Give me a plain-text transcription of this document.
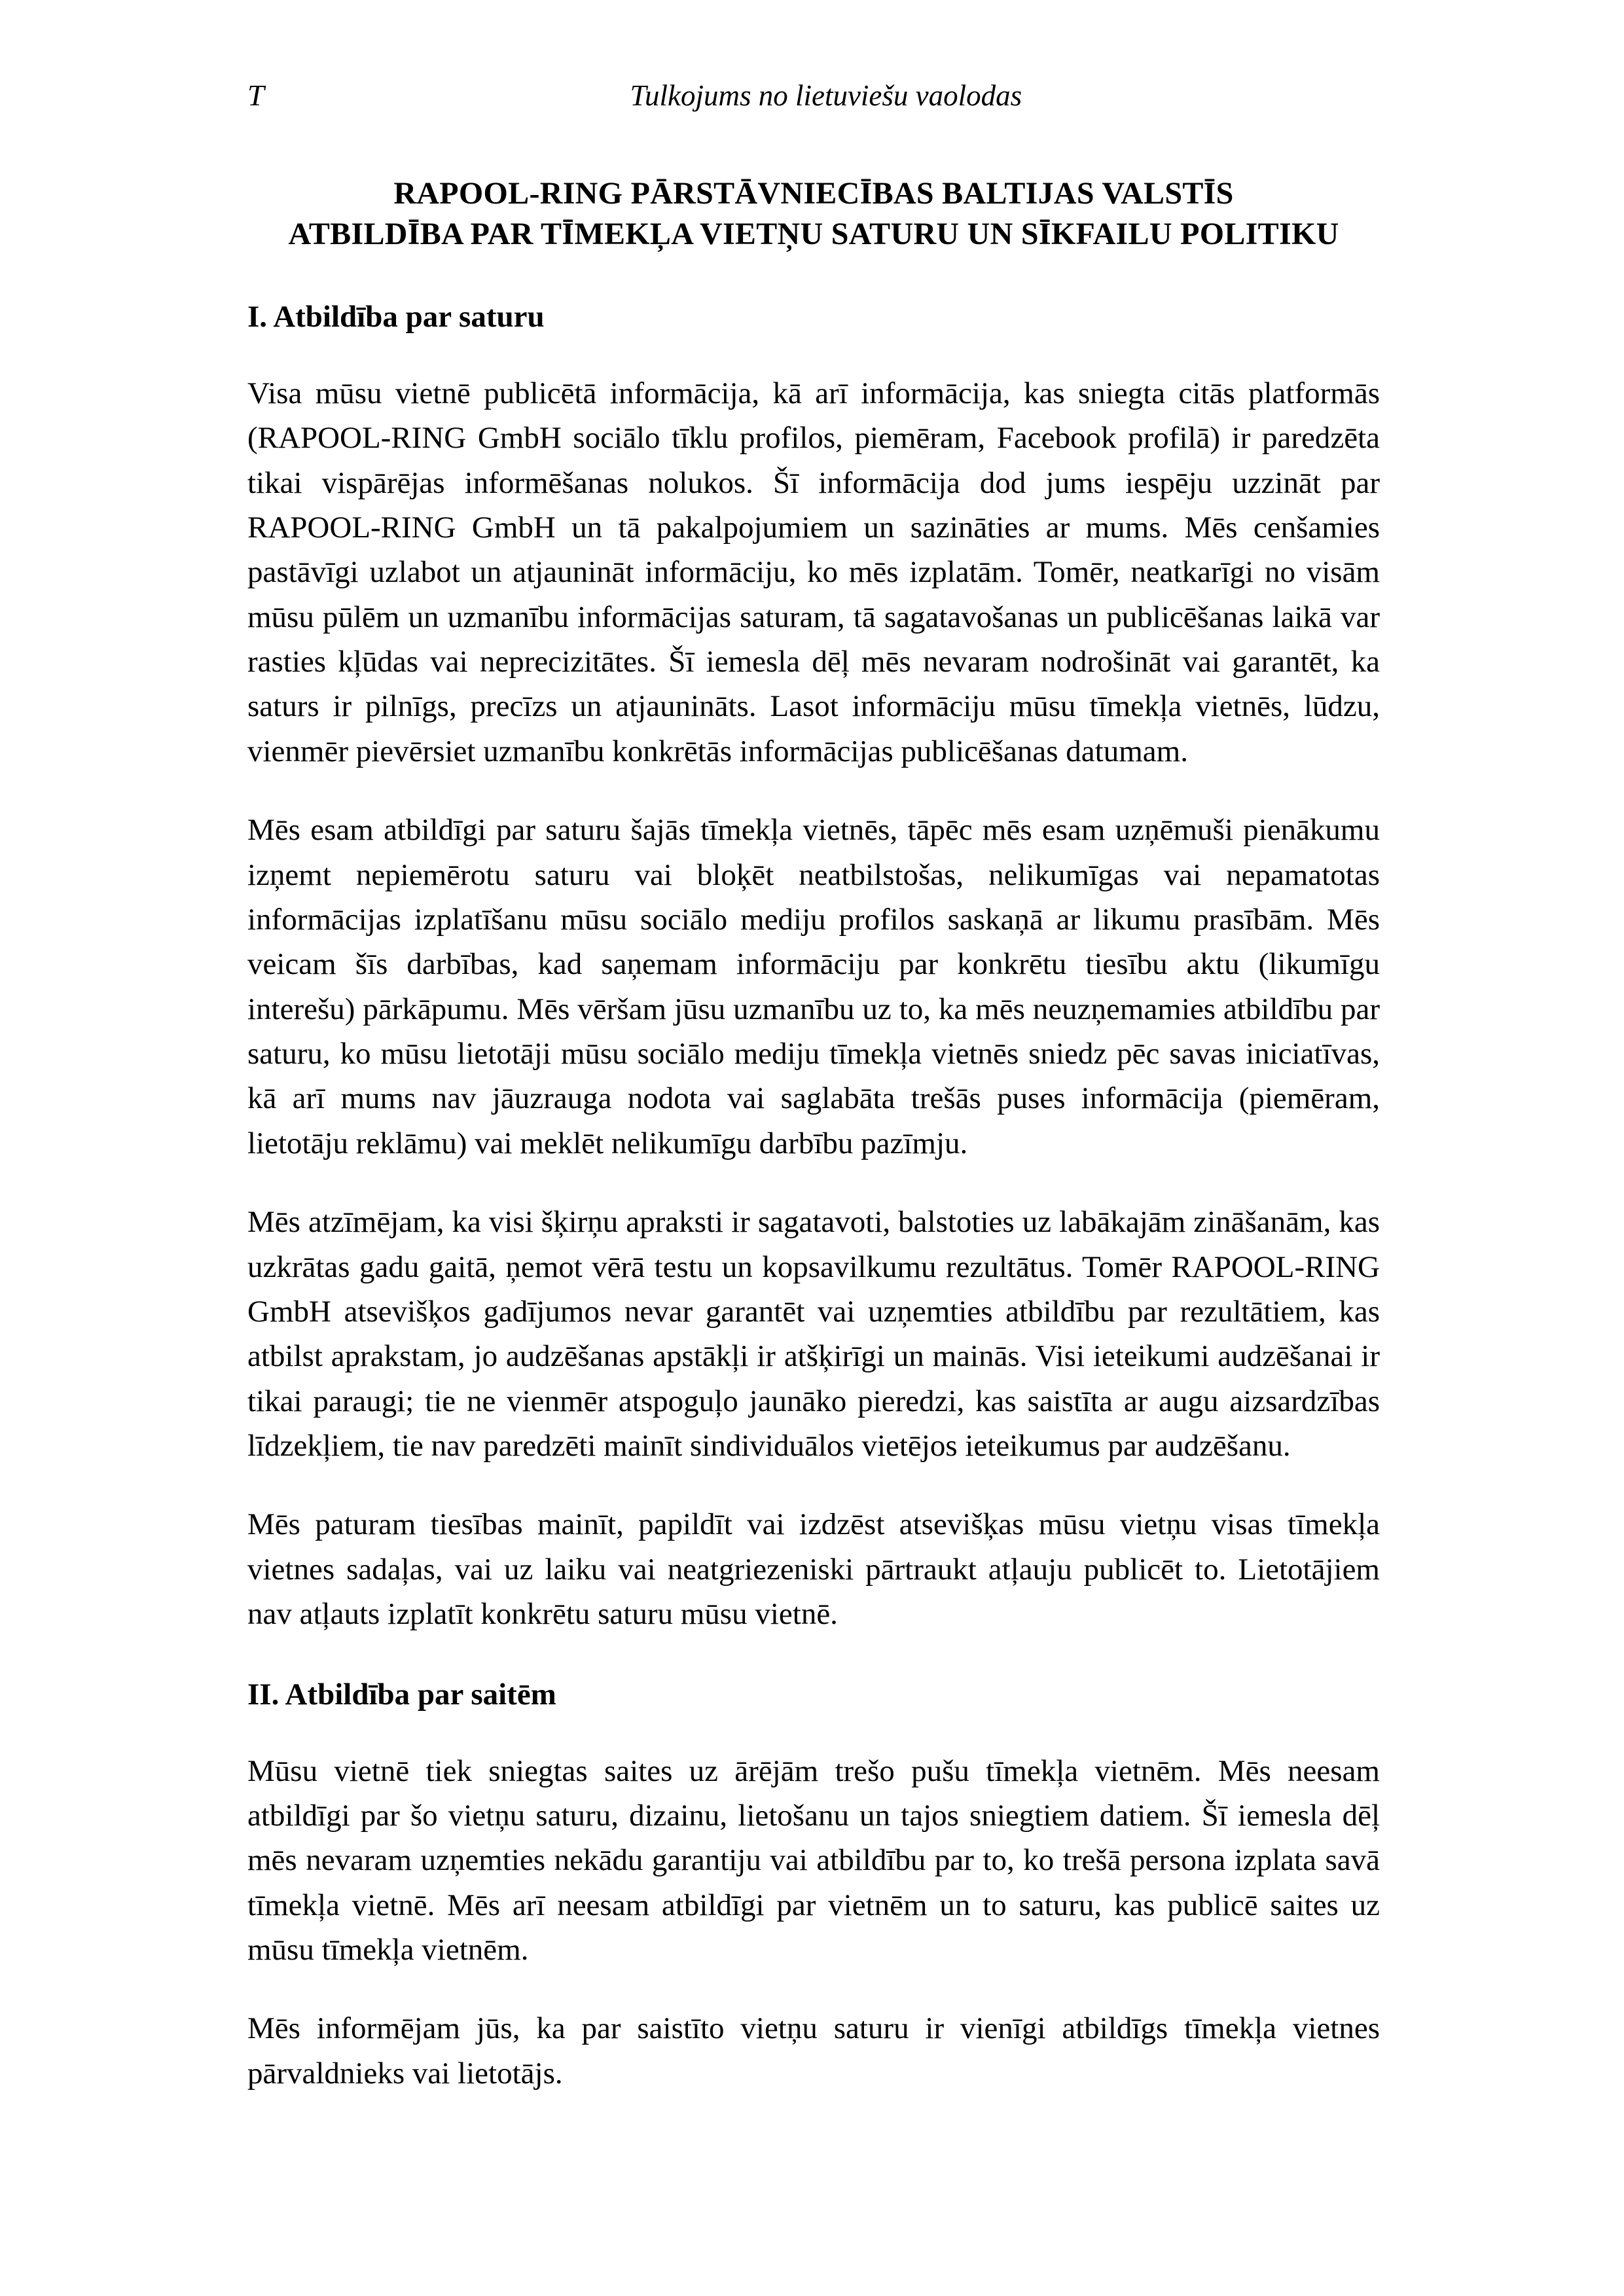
T	Tulkojums no lietuviešu vaolodas
RAPOOL-RING PĀRSTĀVNIECĪBAS BALTIJAS VALSTĪS
ATBILDĪBA PAR TĪMEKĻA VIETŅU SATURU UN SĪKFAILU POLITIKU
I. Atbildība par saturu

Visa mūsu vietnē publicētā informācija, kā arī informācija, kas sniegta citās platformās (RAPOOL-RING GmbH sociālo tīklu profilos, piemēram, Facebook profilā) ir paredzēta tikai vispārējas informēšanas nolukos. Šī informācija dod jums iespēju uzzināt par RAPOOL-RING GmbH un tā pakalpojumiem un sazināties ar mums. Mēs cenšamies pastāvīgi uzlabot un atjaunināt informāciju, ko mēs izplatām. Tomēr, neatkarīgi no visām mūsu pūlēm un uzmanību informācijas saturam, tā sagatavošanas un publicēšanas laikā var rasties kļūdas vai neprecizitātes. Šī iemesla dēļ mēs nevaram nodrošināt vai garantēt, ka saturs ir pilnīgs, precīzs un atjaunināts. Lasot informāciju mūsu tīmekļa vietnēs, lūdzu, vienmēr pievērsiet uzmanību konkrētās informācijas publicēšanas datumam.

Mēs esam atbildīgi par saturu šajās tīmekļa vietnēs, tāpēc mēs esam uzņēmuši pienākumu izņemt nepiemērotu saturu vai bloķēt neatbilstošas, nelikumīgas vai nepamatotas informācijas izplatīšanu mūsu sociālo mediju profilos saskaņā ar likumu prasībām. Mēs veicam šīs darbības, kad saņemam informāciju par konkrētu tiesību aktu (likumīgu interešu) pārkāpumu. Mēs vēršam jūsu uzmanību uz to, ka mēs neuzņemamies atbildību par saturu, ko mūsu lietotāji mūsu sociālo mediju tīmekļa vietnēs sniedz pēc savas iniciatīvas, kā arī mums nav jāuzrauga nodota vai saglabāta trešās puses informācija (piemēram, lietotāju reklāmu) vai meklēt nelikumīgu darbību pazīmju.

Mēs atzīmējam, ka visi šķirņu apraksti ir sagatavoti, balstoties uz labākajām zināšanām, kas uzkrātas gadu gaitā, ņemot vērā testu un kopsavilkumu rezultātus. Tomēr RAPOOL-RING GmbH atsevišķos gadījumos nevar garantēt vai uzņemties atbildību par rezultātiem, kas atbilst aprakstam, jo audzēšanas apstākļi ir atšķirīgi un mainās. Visi ieteikumi audzēšanai ir tikai paraugi; tie ne vienmēr atspoguļo jaunāko pieredzi, kas saistīta ar augu aizsardzības līdzekļiem, tie nav paredzēti mainīt sindividuālos vietējos ieteikumus par audzēšanu.

Mēs paturam tiesības mainīt, papildīt vai izdzēst atsevišķas mūsu vietņu visas tīmekļa vietnes sadaļas, vai uz laiku vai neatgriezeniski pārtraukt atļauju publicēt to. Lietotājiem nav atļauts izplatīt konkrētu saturu mūsu vietnē.

II. Atbildība par saitēm

Mūsu vietnē tiek sniegtas saites uz ārējām trešo pušu tīmekļa vietnēm. Mēs neesam atbildīgi par šo vietņu saturu, dizainu, lietošanu un tajos sniegtiem datiem. Šī iemesla dēļ mēs nevaram uzņemties nekādu garantiju vai atbildību par to, ko trešā persona izplata savā tīmekļa vietnē. Mēs arī neesam atbildīgi par vietnēm un to saturu, kas publicē saites uz mūsu tīmekļa vietnēm.

Mēs informējam jūs, ka par saistīto vietņu saturu ir vienīgi atbildīgs tīmekļa vietnes pārvaldnieks vai lietotājs.
